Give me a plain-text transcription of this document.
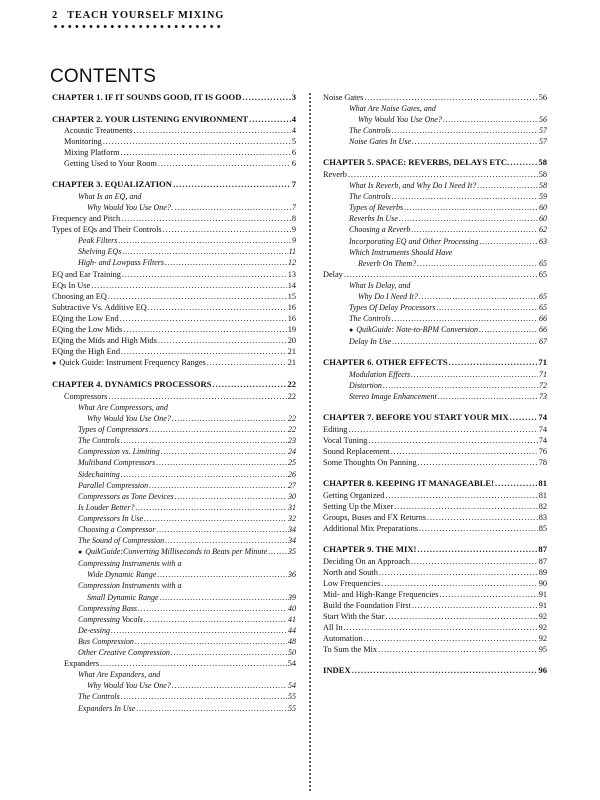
2 TEACH YOURSELF MIXING
CONTENTS
CHAPTER 1. IF IT SOUNDS GOOD, IT IS GOOD . . .	3
CHAPTER 2. YOUR LISTENING ENVIRONMENT . . .	4
Acoustic Treatments . . .	4
Monitoring . . .	5
Mixing Platform . . .	6
Getting Used to Your Room . . .	6
CHAPTER 3. EQUALIZATION . . .	7
What Is an EQ, and
Why Would You Use One? . . .	7
Frequency and Pitch . . .	8
Types of EQs and Their Controls . . .	9
Peak Filters . . .	9
Shelving EQs . . .	11
High- and Lowpass Filters . . .	12
EQ and Ear Training . . .	13
EQs In Use . . .	14
Choosing an EQ . . .	15
Subtractive Vs. Additive EQ . . .	16
EQing the Low End . . .	16
EQing the Low Mids . . .	19
EQing the Mids and High Mids . . .	20
EQing the High End . . .	21
● Quick Guide: Instrument Frequency Ranges . . .	21
CHAPTER 4. DYNAMICS PROCESSORS . . .	22
Compressors . . .	22
What Are Compressors, and
Why Would You Use One? . . .	22
Types of Compressors . . .	22
The Controls . . .	23
Compression vs. Limiting . . .	24
Multiband Compressors . . .	25
Sidechaining . . .	26
Parallel Compression . . .	27
Compressors as Tone Devices . . .	30
Is Louder Better? . . .	31
Compressors In Use . . .	32
Choosing a Compressor . . .	34
The Sound of Compression . . .	34
● QuikGuide:Converting Milliseconds to Beats per Minute . . .	35
Compressing Instruments with a
Wide Dynamic Range . . .	36
Compression Instruments with a
Small Dynamic Range . . .	39
Compressing Bass . . .	40
Compressing Vocals . . .	41
De-essing . . .	44
Bus Compression . . .	48
Other Creative Compression . . .	50
Expanders . . .	54
What Are Expanders, and
Why Would You Use One? . . .	54
The Controls . . .	55
Expanders In Use . . .	55
Noise Gates . . .	56
What Are Noise Gates, and
Why Would You Use One? . . .	56
The Controls . . .	57
Noise Gates In Use . . .	57
CHAPTER 5. SPACE: REVERBS, DELAYS ETC. . . .	58
Reverb . . .	58
What Is Reverb, and Why Do I Need It? . . .	58
The Controls . . .	59
Types of Reverbs . . .	60
Reverbs In Use . . .	60
Choosing a Reverb . . .	62
Incorporating EQ and Other Processing . . .	63
Which Instruments Should Have
Reverb On Them? . . .	65
Delay . . .	65
What Is Delay, and
Why Do I Need It? . . .	65
Types Of Delay Processors . . .	65
The Controls . . .	66
● QuikGuide: Note-to-BPM Conversion . . .	66
Delay In Use . . .	67
CHAPTER 6. OTHER EFFECTS . . .	71
Modulation Effects . . .	71
Distortion . . .	72
Stereo Image Enhancement . . .	73
CHAPTER 7. BEFORE YOU START YOUR MIX . . .	74
Editing . . .	74
Vocal Tuning . . .	74
Sound Replacement . . .	76
Some Thoughts On Panning . . .	78
CHAPTER 8. KEEPING IT MANAGEABLE! . . .	81
Getting Organized . . .	81
Setting Up the Mixer . . .	82
Groups, Buses and FX Returns . . .	83
Additional Mix Preparations . . .	85
CHAPTER 9. THE MIX! . . .	87
Deciding On an Approach . . .	87
North and South . . .	89
Low Frequencies . . .	90
Mid- and High-Range Frequencies . . .	91
Build the Foundation First . . .	91
Start With the Star . . .	92
All In . . .	92
Automation . . .	92
To Sum the Mix . . .	95
INDEX . . .	96
